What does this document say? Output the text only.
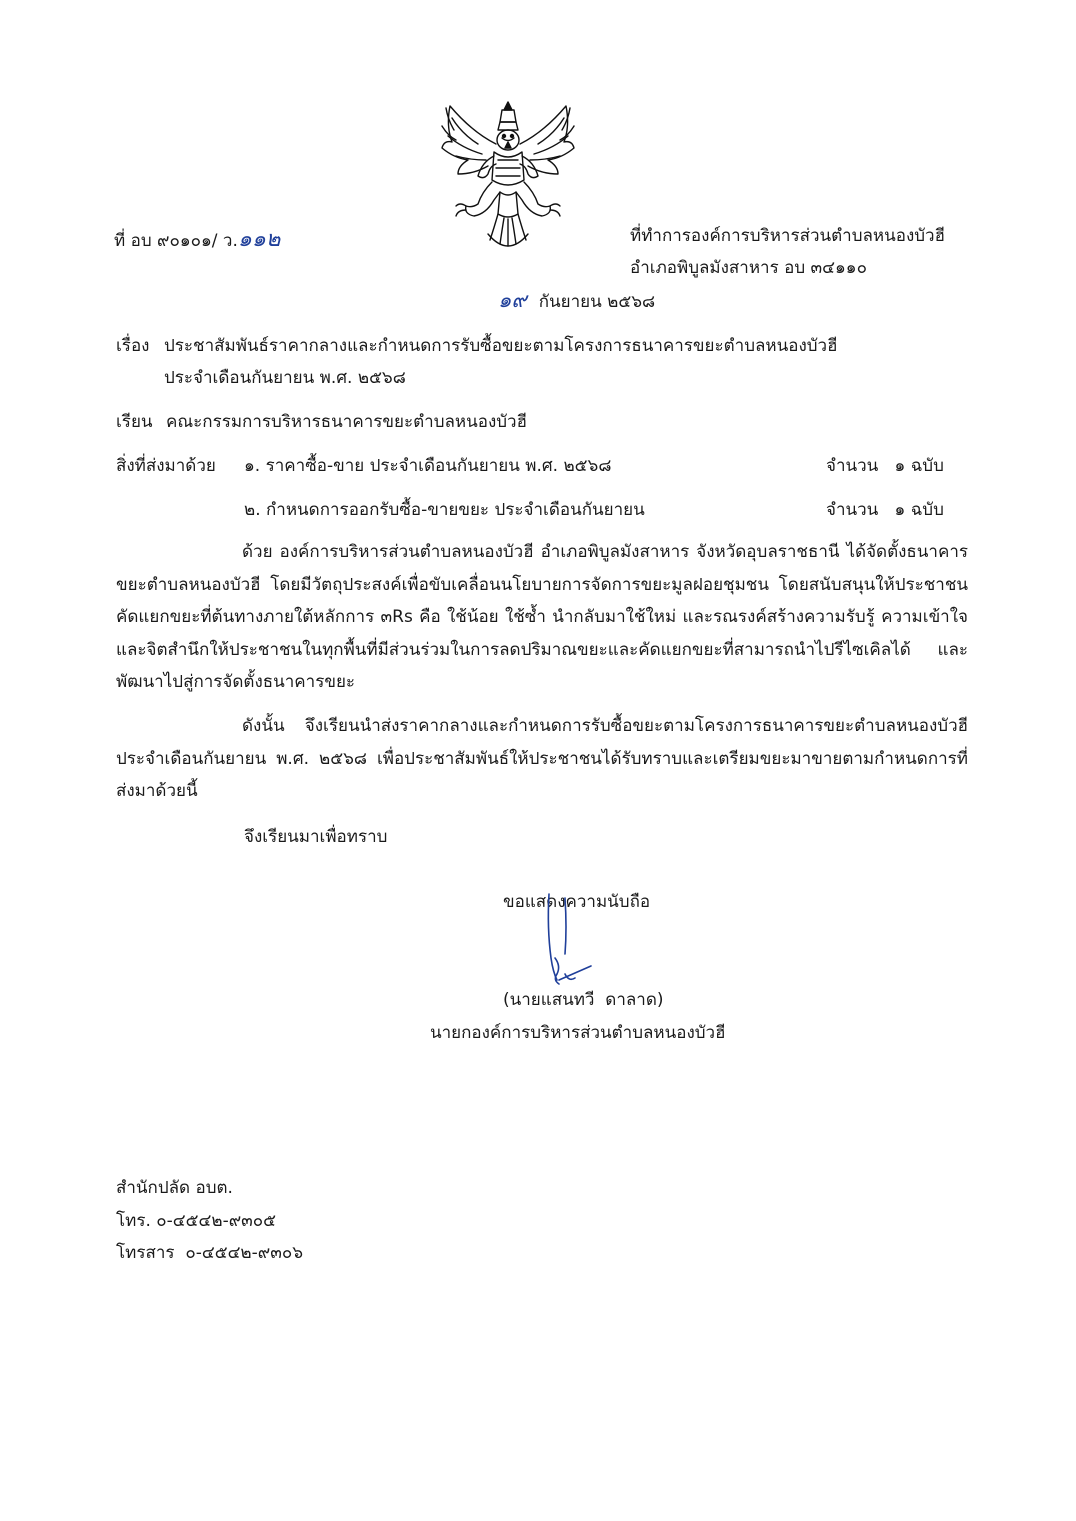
ที่ อบ ๙๐๑๐๑/ ว.๑๑๒	ที่ทำการองค์การบริหารส่วนตำบลหนองบัวฮี
อำเภอพิบูลมังสาหาร อบ ๓๔๑๑๐
๑๙ กันยายน ๒๕๖๘
เรื่อง ประชาสัมพันธ์ราคากลางและกำหนดการรับซื้อขยะตามโครงการธนาคารขยะตำบลหนองบัวฮี
ประจำเดือนกันยายน พ.ศ. ๒๕๖๘
เรียน คณะกรรมการบริหารธนาคารขยะตำบลหนองบัวฮี
สิ่งที่ส่งมาด้วย ๑. ราคาซื้อ-ขาย ประจำเดือนกันยายน พ.ศ. ๒๕๖๘	จำนวน   ๑ ฉบับ
๒. กำหนดการออกรับซื้อ-ขายขยะ ประจำเดือนกันยายน	จำนวน   ๑ ฉบับ

ด้วย องค์การบริหารส่วนตำบลหนองบัวฮี อำเภอพิบูลมังสาหาร จังหวัดอุบลราชธานี ได้จัดตั้งธนาคารขยะตำบลหนองบัวฮี โดยมีวัตถุประสงค์เพื่อขับเคลื่อนนโยบายการจัดการขยะมูลฝอยชุมชน โดยสนับสนุนให้ประชาชนคัดแยกขยะที่ต้นทางภายใต้หลักการ ๓Rs คือ ใช้น้อย ใช้ซ้ำ นำกลับมาใช้ใหม่ และรณรงค์สร้างความรับรู้ ความเข้าใจและจิตสำนึกให้ประชาชนในทุกพื้นที่มีส่วนร่วมในการลดปริมาณขยะและคัดแยกขยะที่สามารถนำไปรีไซเคิลได้ และพัฒนาไปสู่การจัดตั้งธนาคารขยะ

ดังนั้น จึงเรียนนำส่งราคากลางและกำหนดการรับซื้อขยะตามโครงการธนาคารขยะตำบลหนองบัวฮี ประจำเดือนกันยายน พ.ศ. ๒๕๖๘ เพื่อประชาสัมพันธ์ให้ประชาชนได้รับทราบและเตรียมขยะมาขายตามกำหนดการที่ส่งมาด้วยนี้

จึงเรียนมาเพื่อทราบ
ขอแสดงความนับถือ
(นายแสนทวี  ดาลาด)
นายกองค์การบริหารส่วนตำบลหนองบัวฮี
สำนักปลัด อบต.
โทร. ๐-๔๕๔๒-๙๓๐๕
โทรสาร  ๐-๔๕๔๒-๙๓๐๖
